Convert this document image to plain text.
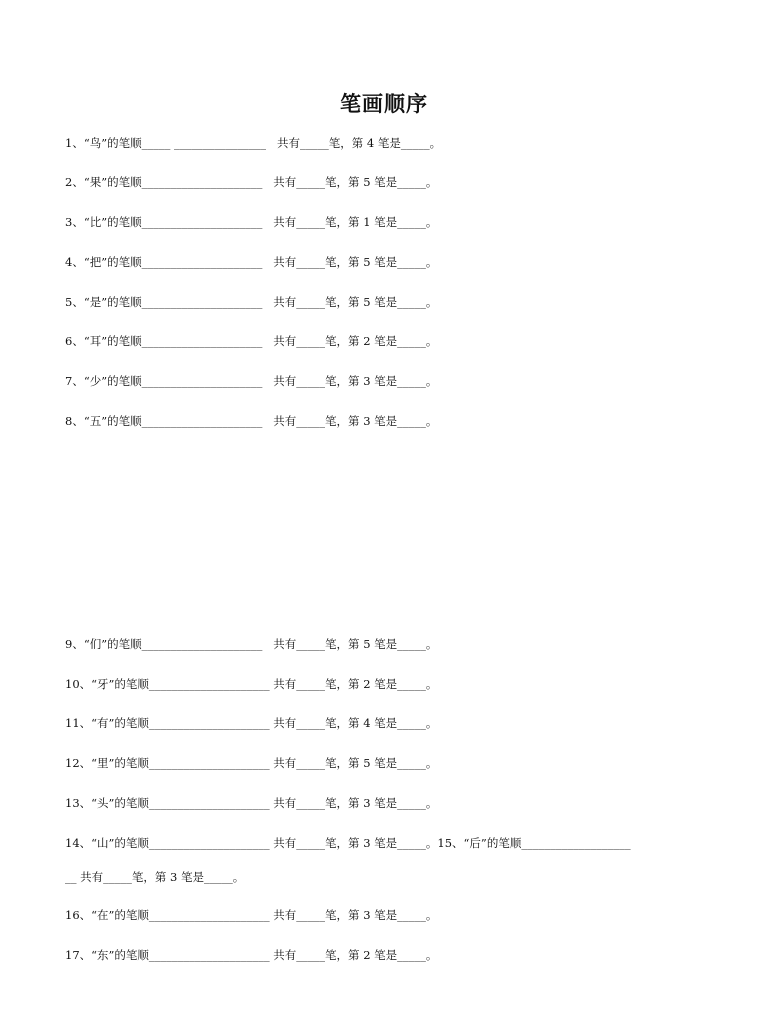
笔画顺序
1、“鸟”的笔顺_____ ________________   共有_____笔，第 4 笔是_____。
2、“果”的笔顺_____________________   共有_____笔，第 5 笔是_____。
3、“比”的笔顺_____________________   共有_____笔，第 1 笔是_____。
4、“把”的笔顺_____________________   共有_____笔，第 5 笔是_____。
5、“是”的笔顺_____________________   共有_____笔，第 5 笔是_____。
6、“耳”的笔顺_____________________   共有_____笔，第 2 笔是_____。
7、“少”的笔顺_____________________   共有_____笔，第 3 笔是_____。
8、“五”的笔顺_____________________   共有_____笔，第 3 笔是_____。
9、“们”的笔顺_____________________   共有_____笔，第 5 笔是_____。
10、“牙”的笔顺_____________________ 共有_____笔，第 2 笔是_____。
11、“有”的笔顺_____________________ 共有_____笔，第 4 笔是_____。
12、“里”的笔顺_____________________ 共有_____笔，第 5 笔是_____。
13、“头”的笔顺_____________________ 共有_____笔，第 3 笔是_____。
14、“山”的笔顺_____________________ 共有_____笔，第 3 笔是_____。15、“后”的笔顺___________________
__ 共有_____笔，第 3 笔是_____。
16、“在”的笔顺_____________________ 共有_____笔，第 3 笔是_____。
17、“东”的笔顺_____________________ 共有_____笔，第 2 笔是_____。
